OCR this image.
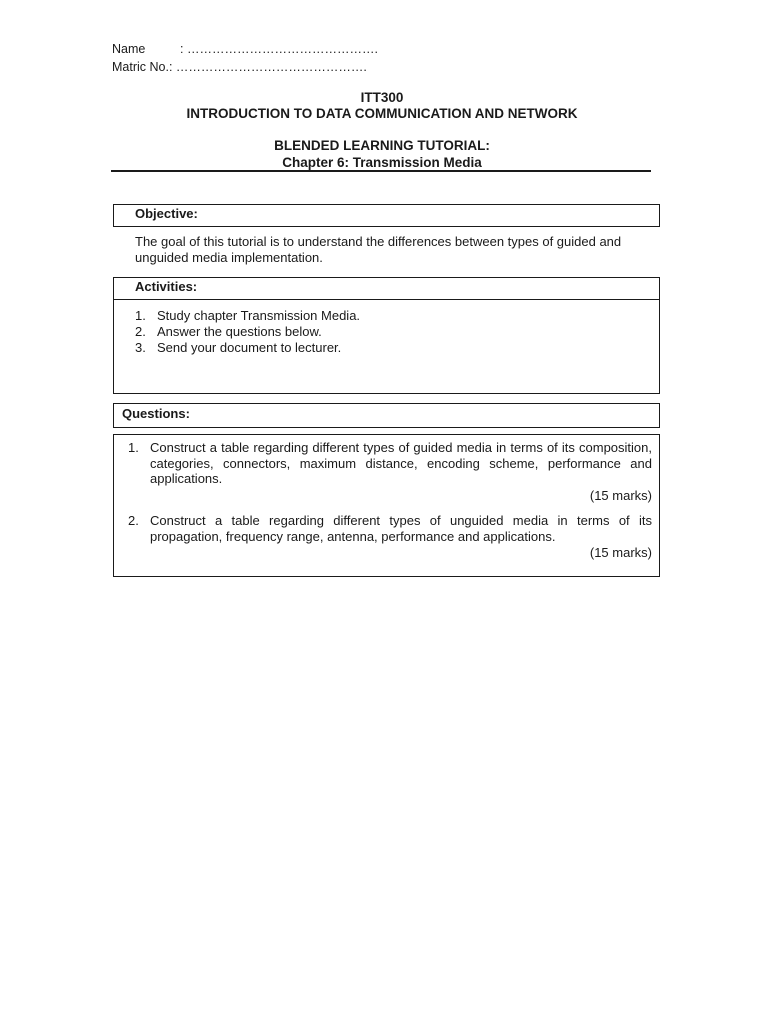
Name	: ……………………………………….
Matric No.: ……………………………………….
ITT300
INTRODUCTION TO DATA COMMUNICATION AND NETWORK
BLENDED LEARNING TUTORIAL:
Chapter 6: Transmission Media
Objective:
The goal of this tutorial is to understand the differences between types of guided and unguided media implementation.
Activities:
1. Study chapter Transmission Media.
2. Answer the questions below.
3. Send your document to lecturer.
Questions:
1. Construct a table regarding different types of guided media in terms of its composition, categories, connectors, maximum distance, encoding scheme, performance and applications.
(15 marks)
2. Construct a table regarding different types of unguided media in terms of its propagation, frequency range, antenna, performance and applications.
(15 marks)
